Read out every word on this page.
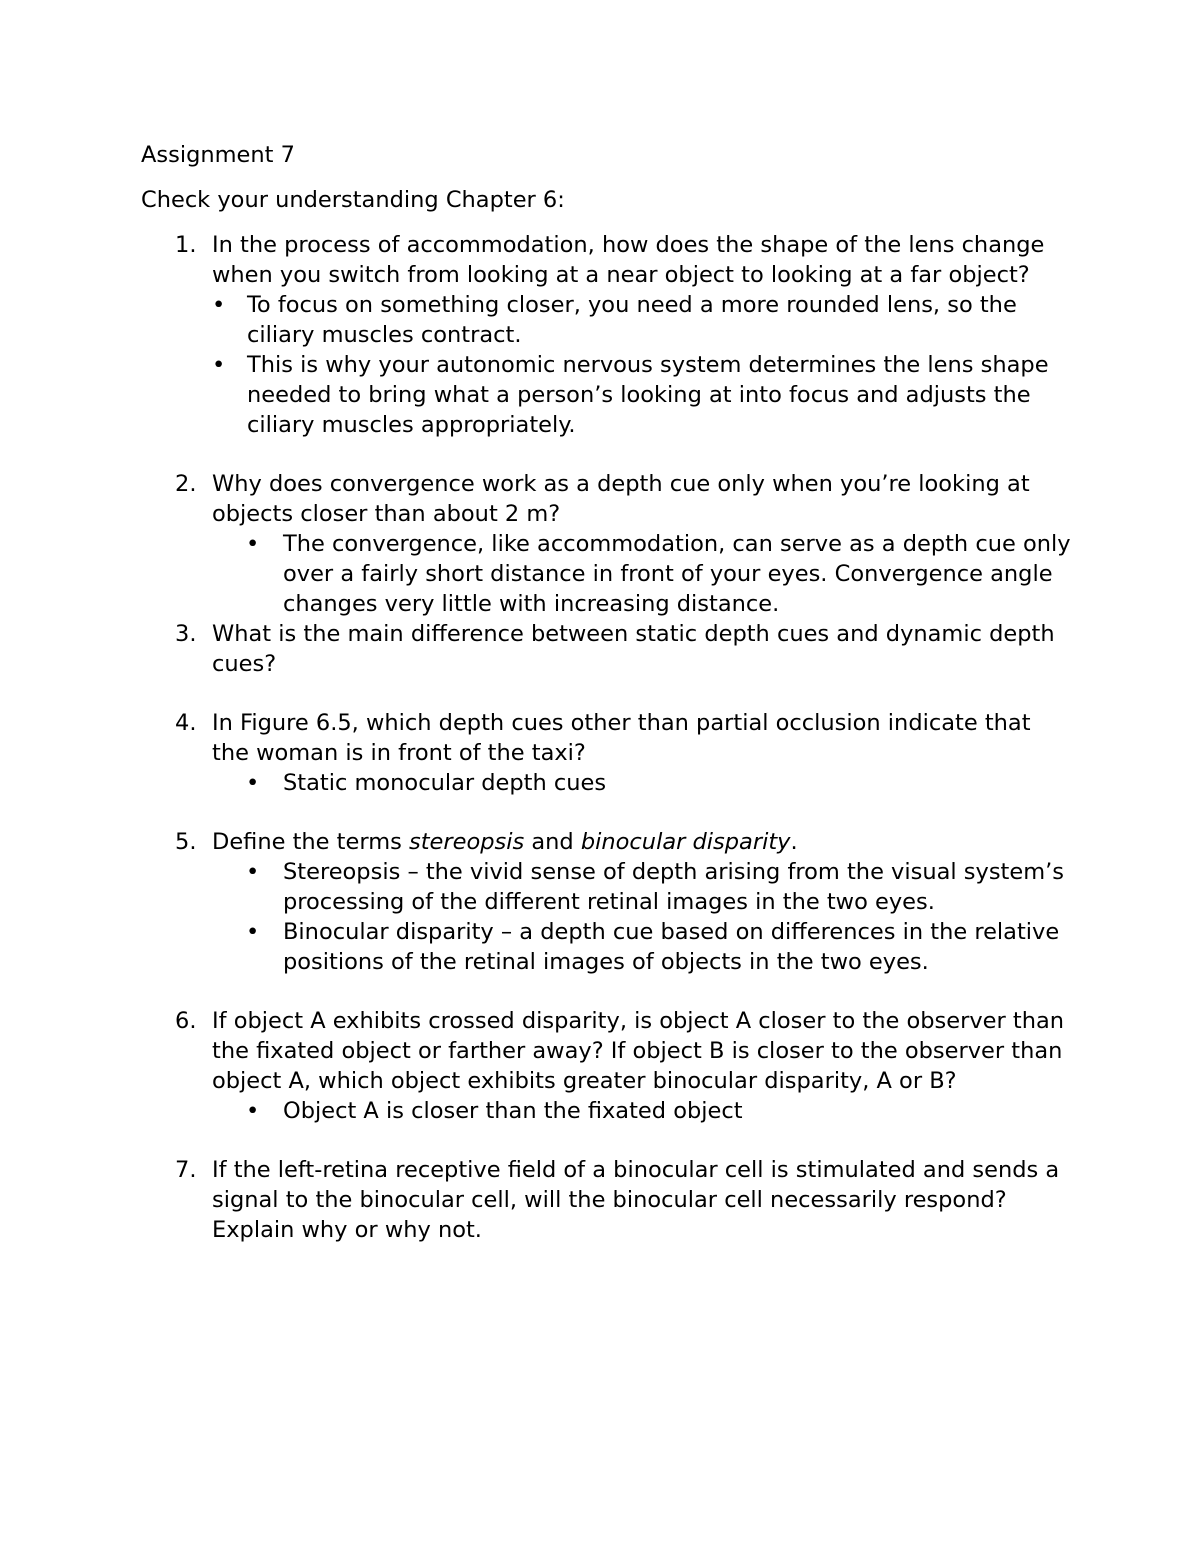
Assignment 7
Check your understanding Chapter 6:
1. In the process of accommodation, how does the shape of the lens change when you switch from looking at a near object to looking at a far object?
• To focus on something closer, you need a more rounded lens, so the ciliary muscles contract.
• This is why your autonomic nervous system determines the lens shape needed to bring what a person’s looking at into focus and adjusts the ciliary muscles appropriately.
2. Why does convergence work as a depth cue only when you’re looking at objects closer than about 2 m?
• The convergence, like accommodation, can serve as a depth cue only over a fairly short distance in front of your eyes. Convergence angle changes very little with increasing distance.
3. What is the main difference between static depth cues and dynamic depth cues?
4. In Figure 6.5, which depth cues other than partial occlusion indicate that the woman is in front of the taxi?
• Static monocular depth cues
5. Define the terms stereopsis and binocular disparity.
• Stereopsis – the vivid sense of depth arising from the visual system’s processing of the different retinal images in the two eyes.
• Binocular disparity – a depth cue based on differences in the relative positions of the retinal images of objects in the two eyes.
6. If object A exhibits crossed disparity, is object A closer to the observer than the fixated object or farther away? If object B is closer to the observer than object A, which object exhibits greater binocular disparity, A or B?
• Object A is closer than the fixated object
7. If the left-retina receptive field of a binocular cell is stimulated and sends a signal to the binocular cell, will the binocular cell necessarily respond? Explain why or why not.
